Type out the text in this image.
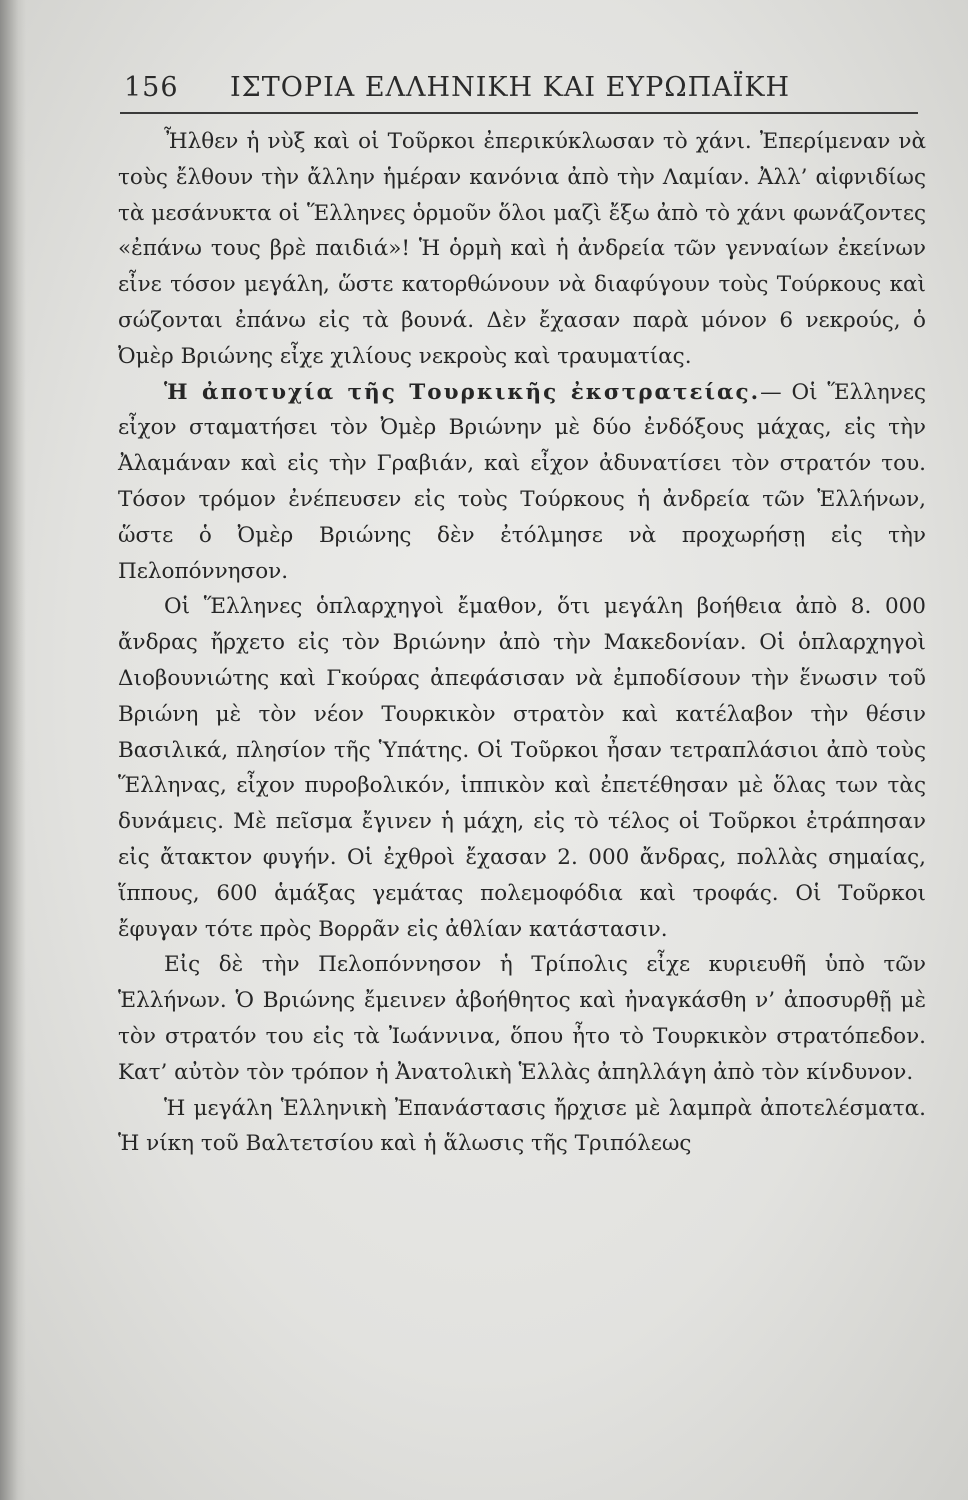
156 ΙΣΤΟΡΙΑ ΕΛΛΗΝΙΚΗ ΚΑΙ ΕΥΡΩΠΑΪΚΗ

Ἦλθεν ἡ νὺξ καὶ οἱ Τοῦρκοι ἐπερικύκλωσαν τὸ χάνι. Ἐπερίμεναν νὰ τοὺς ἔλθουν τὴν ἄλλην ἡμέραν κανόνια ἀπὸ τὴν Λαμίαν. Ἀλλ’ αἰφνιδίως τὰ μεσάνυκτα οἱ Ἕλληνες ὁρμοῦν ὅλοι μαζὶ ἔξω ἀπὸ τὸ χάνι φωνάζοντες «ἐπάνω τους βρὲ παιδιά»! Ἡ ὁρμὴ καὶ ἡ ἀνδρεία τῶν γενναίων ἐκείνων εἶνε τόσον μεγάλη, ὥστε κατορθώνουν νὰ διαφύγουν τοὺς Τούρκους καὶ σώζονται ἐπάνω εἰς τὰ βουνά. Δὲν ἔχασαν παρὰ μόνον 6 νεκρούς, ὁ Ὀμὲρ Βριώνης εἶχε χιλίους νεκροὺς καὶ τραυματίας.

Ἡ ἀποτυχία τῆς Τουρκικῆς ἐκστρατείας.— Οἱ Ἕλληνες εἶχον σταματήσει τὸν Ὀμὲρ Βριώνην μὲ δύο ἐνδόξους μάχας, εἰς τὴν Ἀλαμάναν καὶ εἰς τὴν Γραβιάν, καὶ εἶχον ἀδυνατίσει τὸν στρατόν του. Τόσον τρόμον ἐνέπευσεν εἰς τοὺς Τούρκους ἡ ἀνδρεία τῶν Ἑλλήνων, ὥστε ὁ Ὀμὲρ Βριώνης δὲν ἐτόλμησε νὰ προχωρήσῃ εἰς τὴν Πελοπόννησον.

Οἱ Ἕλληνες ὁπλαρχηγοὶ ἔμαθον, ὅτι μεγάλη βοήθεια ἀπὸ 8. 000 ἄνδρας ἤρχετο εἰς τὸν Βριώνην ἀπὸ τὴν Μακεδονίαν. Οἱ ὁπλαρχηγοὶ Διοβουνιώτης καὶ Γκούρας ἀπεφάσισαν νὰ ἐμποδίσουν τὴν ἕνωσιν τοῦ Βριώνη μὲ τὸν νέον Τουρκικὸν στρατὸν καὶ κατέλαβον τὴν θέσιν Βασιλικά, πλησίον τῆς Ὑπάτης. Οἱ Τοῦρκοι ἦσαν τετραπλάσιοι ἀπὸ τοὺς Ἕλληνας, εἶχον πυροβολικόν, ἱππικὸν καὶ ἐπετέθησαν μὲ ὅλας των τὰς δυνάμεις. Μὲ πεῖσμα ἔγινεν ἡ μάχη, εἰς τὸ τέλος οἱ Τοῦρκοι ἐτράπησαν εἰς ἄτακτον φυγήν. Οἱ ἐχθροὶ ἔχασαν 2. 000 ἄνδρας, πολλὰς σημαίας, ἵππους, 600 ἁμάξας γεμάτας πολεμοφόδια καὶ τροφάς. Οἱ Τοῦρκοι ἔφυγαν τότε πρὸς Βορρᾶν εἰς ἀθλίαν κατάστασιν.

Εἰς δὲ τὴν Πελοπόννησον ἡ Τρίπολις εἶχε κυριευθῆ ὑπὸ τῶν Ἑλλήνων. Ὁ Βριώνης ἔμεινεν ἀβοήθητος καὶ ἠναγκάσθη ν’ ἀποσυρθῇ μὲ τὸν στρατόν του εἰς τὰ Ἰωάννινα, ὅπου ἦτο τὸ Τουρκικὸν στρατόπεδον. Κατ’ αὐτὸν τὸν τρόπον ἡ Ἀνατολικὴ Ἑλλὰς ἀπηλλάγη ἀπὸ τὸν κίνδυνον.

Ἡ μεγάλη Ἑλληνικὴ Ἐπανάστασις ἤρχισε μὲ λαμπρὰ ἀποτελέσματα. Ἡ νίκη τοῦ Βαλτετσίου καὶ ἡ ἅλωσις τῆς Τριπόλεως
